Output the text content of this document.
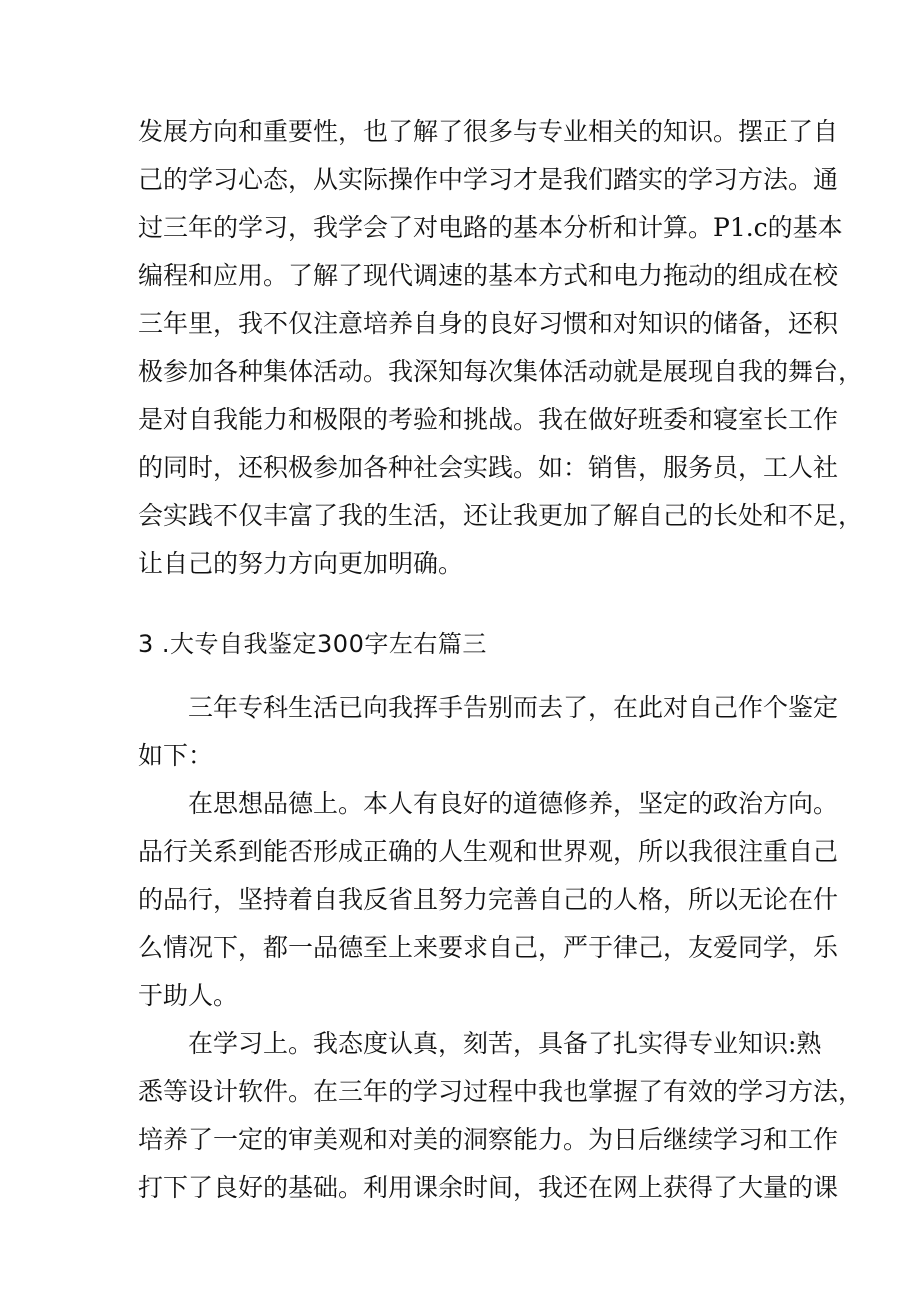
发展方向和重要性，也了解了很多与专业相关的知识。摆正了自
己的学习心态，从实际操作中学习才是我们踏实的学习方法。通
过三年的学习，我学会了对电路的基本分析和计算。P1.c的基本
编程和应用。了解了现代调速的基本方式和电力拖动的组成在校
三年里，我不仅注意培养自身的良好习惯和对知识的储备，还积
极参加各种集体活动。我深知每次集体活动就是展现自我的舞台，
是对自我能力和极限的考验和挑战。我在做好班委和寝室长工作
的同时，还积极参加各种社会实践。如：销售，服务员，工人社
会实践不仅丰富了我的生活，还让我更加了解自己的长处和不足，
让自己的努力方向更加明确。
3 .大专自我鉴定300字左右篇三
三年专科生活已向我挥手告别而去了，在此对自己作个鉴定
如下：
在思想品德上。本人有良好的道德修养，坚定的政治方向。
品行关系到能否形成正确的人生观和世界观，所以我很注重自己
的品行，坚持着自我反省且努力完善自己的人格，所以无论在什
么情况下，都一品德至上来要求自己，严于律己，友爱同学，乐
于助人。
在学习上。我态度认真，刻苦，具备了扎实得专业知识:熟
悉等设计软件。在三年的学习过程中我也掌握了有效的学习方法，
培养了一定的审美观和对美的洞察能力。为日后继续学习和工作
打下了良好的基础。利用课余时间，我还在网上获得了大量的课
